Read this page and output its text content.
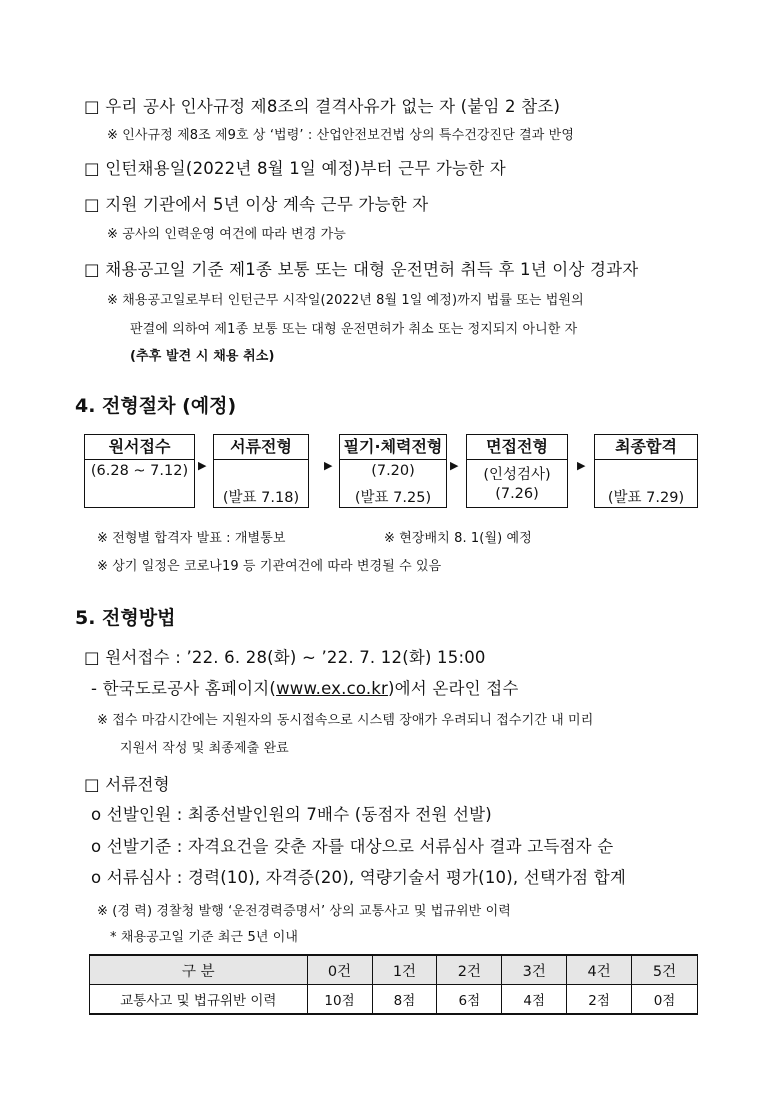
□ 우리 공사 인사규정 제8조의 결격사유가 없는 자 (붙임 2 참조)
※ 인사규정 제8조 제9호 상 ‘법령’ : 산업안전보건법 상의 특수건강진단 결과 반영
□ 인턴채용일(2022년 8월 1일 예정)부터 근무 가능한 자
□ 지원 기관에서 5년 이상 계속 근무 가능한 자
※ 공사의 인력운영 여건에 따라 변경 가능
□ 채용공고일 기준 제1종 보통 또는 대형 운전면허 취득 후 1년 이상 경과자
※ 채용공고일로부터 인턴근무 시작일(2022년 8월 1일 예정)까지 법률 또는 법원의
판결에 의하여 제1종 보통 또는 대형 운전면허가 취소 또는 정지되지 아니한 자
(추후 발견 시 채용 취소)
4. 전형절차 (예정)
원서접수
(6.28 ~ 7.12) ▶
서류전형
(발표 7.18)
▶
필기·체력전형
(7.20)
(발표 7.25)
▶
면접전형
(인성검사)
(7.26)
▶
최종합격
(발표 7.29)
※ 전형별 합격자 발표 : 개별통보	※ 현장배치 8. 1(월) 예정
※ 상기 일정은 코로나19 등 기관여건에 따라 변경될 수 있음
5. 전형방법
□ 원서접수 : ’22. 6. 28(화) ~ ’22. 7. 12(화) 15:00
- 한국도로공사 홈페이지(www.ex.co.kr)에서 온라인 접수
※ 접수 마감시간에는 지원자의 동시접속으로 시스템 장애가 우려되니 접수기간 내 미리
지원서 작성 및 최종제출 완료
□ 서류전형
o 선발인원 : 최종선발인원의 7배수 (동점자 전원 선발)
o 선발기준 : 자격요건을 갖춘 자를 대상으로 서류심사 결과 고득점자 순
o 서류심사 : 경력(10), 자격증(20), 역량기술서 평가(10), 선택가점 합계
※ (경 력) 경찰청 발행 ‘운전경력증명서’ 상의 교통사고 및 법규위반 이력
* 채용공고일 기준 최근 5년 이내
구 분	0건	1건	2건	3건	4건	5건
교통사고 및 법규위반 이력	10점	8점	6점	4점	2점	0점
